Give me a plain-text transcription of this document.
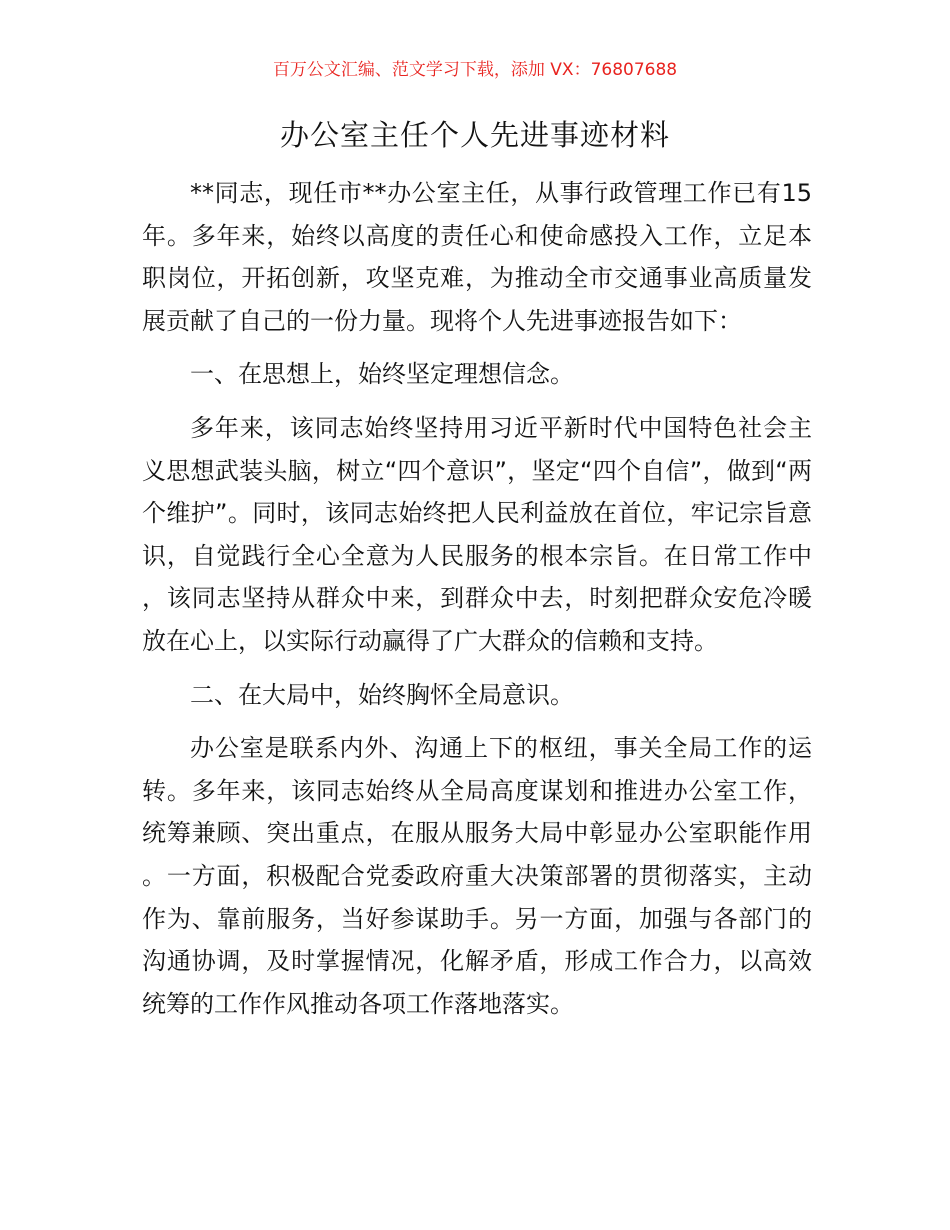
百万公文汇编、范文学习下载，添加 VX：76807688
办公室主任个人先进事迹材料

**同志，现任市**办公室主任，从事行政管理工作已有15年。多年来，始终以高度的责任心和使命感投入工作，立足本职岗位，开拓创新，攻坚克难，为推动全市交通事业高质量发展贡献了自己的一份力量。现将个人先进事迹报告如下：

一、在思想上，始终坚定理想信念。

多年来，该同志始终坚持用习近平新时代中国特色社会主义思想武装头脑，树立“四个意识”，坚定“四个自信”，做到“两个维护”。同时，该同志始终把人民利益放在首位，牢记宗旨意识，自觉践行全心全意为人民服务的根本宗旨。在日常工作中，该同志坚持从群众中来，到群众中去，时刻把群众安危冷暖放在心上，以实际行动赢得了广大群众的信赖和支持。

二、在大局中，始终胸怀全局意识。

办公室是联系内外、沟通上下的枢纽，事关全局工作的运转。多年来，该同志始终从全局高度谋划和推进办公室工作，统筹兼顾、突出重点，在服从服务大局中彰显办公室职能作用。一方面，积极配合党委政府重大决策部署的贯彻落实，主动作为、靠前服务，当好参谋助手。另一方面，加强与各部门的沟通协调，及时掌握情况，化解矛盾，形成工作合力，以高效统筹的工作作风推动各项工作落地落实。
